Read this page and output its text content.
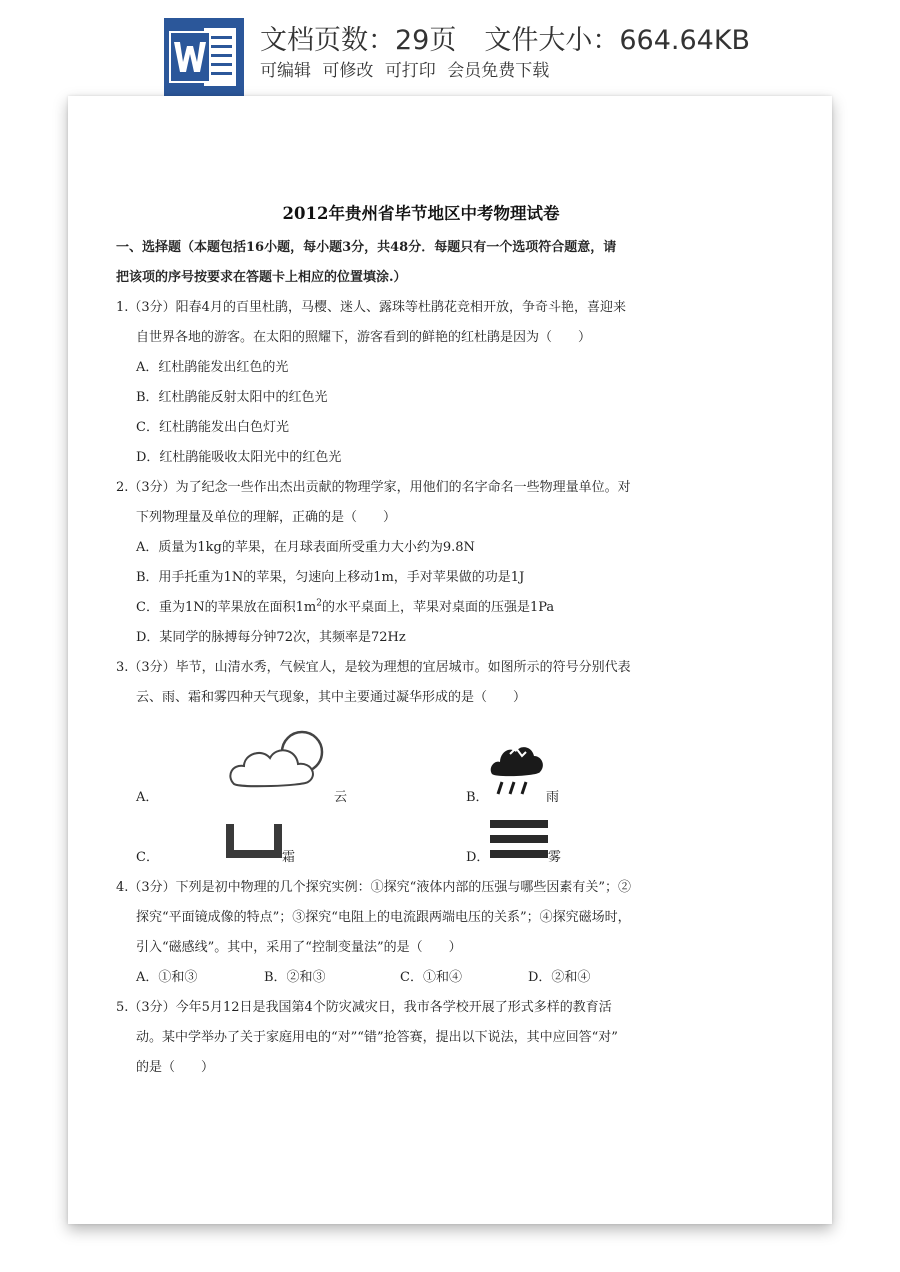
文档页数：29页 文件大小：664.64KB
可编辑 可修改 可打印 会员免费下载
2012年贵州省毕节地区中考物理试卷
一、选择题（本题包括16小题，每小题3分，共48分．每题只有一个选项符合题意，请
把该项的序号按要求在答题卡上相应的位置填涂.）
1.（3分）阳春4月的百里杜鹃，马樱、迷人、露珠等杜鹃花竞相开放，争奇斗艳，喜迎来
自世界各地的游客。在太阳的照耀下，游客看到的鲜艳的红杜鹃是因为（　　）
A．红杜鹃能发出红色的光
B．红杜鹃能反射太阳中的红色光
C．红杜鹃能发出白色灯光
D．红杜鹃能吸收太阳光中的红色光
2.（3分）为了纪念一些作出杰出贡献的物理学家，用他们的名字命名一些物理量单位。对
下列物理量及单位的理解，正确的是（　　）
A．质量为1kg的苹果，在月球表面所受重力大小约为9.8N
B．用手托重为1N的苹果，匀速向上移动1m，手对苹果做的功是1J
C．重为1N的苹果放在面积$1m^2$的水平桌面上，苹果对桌面的压强是1Pa
D．某同学的脉搏每分钟72次，其频率是72Hz
3.（3分）毕节，山清水秀，气候宜人，是较为理想的宜居城市。如图所示的符号分别代表
云、雨、霜和雾四种天气现象，其中主要通过凝华形成的是（　　）
A．	云	B．	雨
C．	霜	D．	雾
4.（3分）下列是初中物理的几个探究实例：①探究“液体内部的压强与哪些因素有关”；②
探究“平面镜成像的特点”；③探究“电阻上的电流跟两端电压的关系”；④探究磁场时，
引入“磁感线”。其中，采用了“控制变量法”的是（　　）
A．①和③	B．②和③	C．①和④	D．②和④
5.（3分）今年5月12日是我国第4个防灾减灾日，我市各学校开展了形式多样的教育活
动。某中学举办了关于家庭用电的“对”“错”抢答赛，提出以下说法，其中应回答“对”
的是（　　）
